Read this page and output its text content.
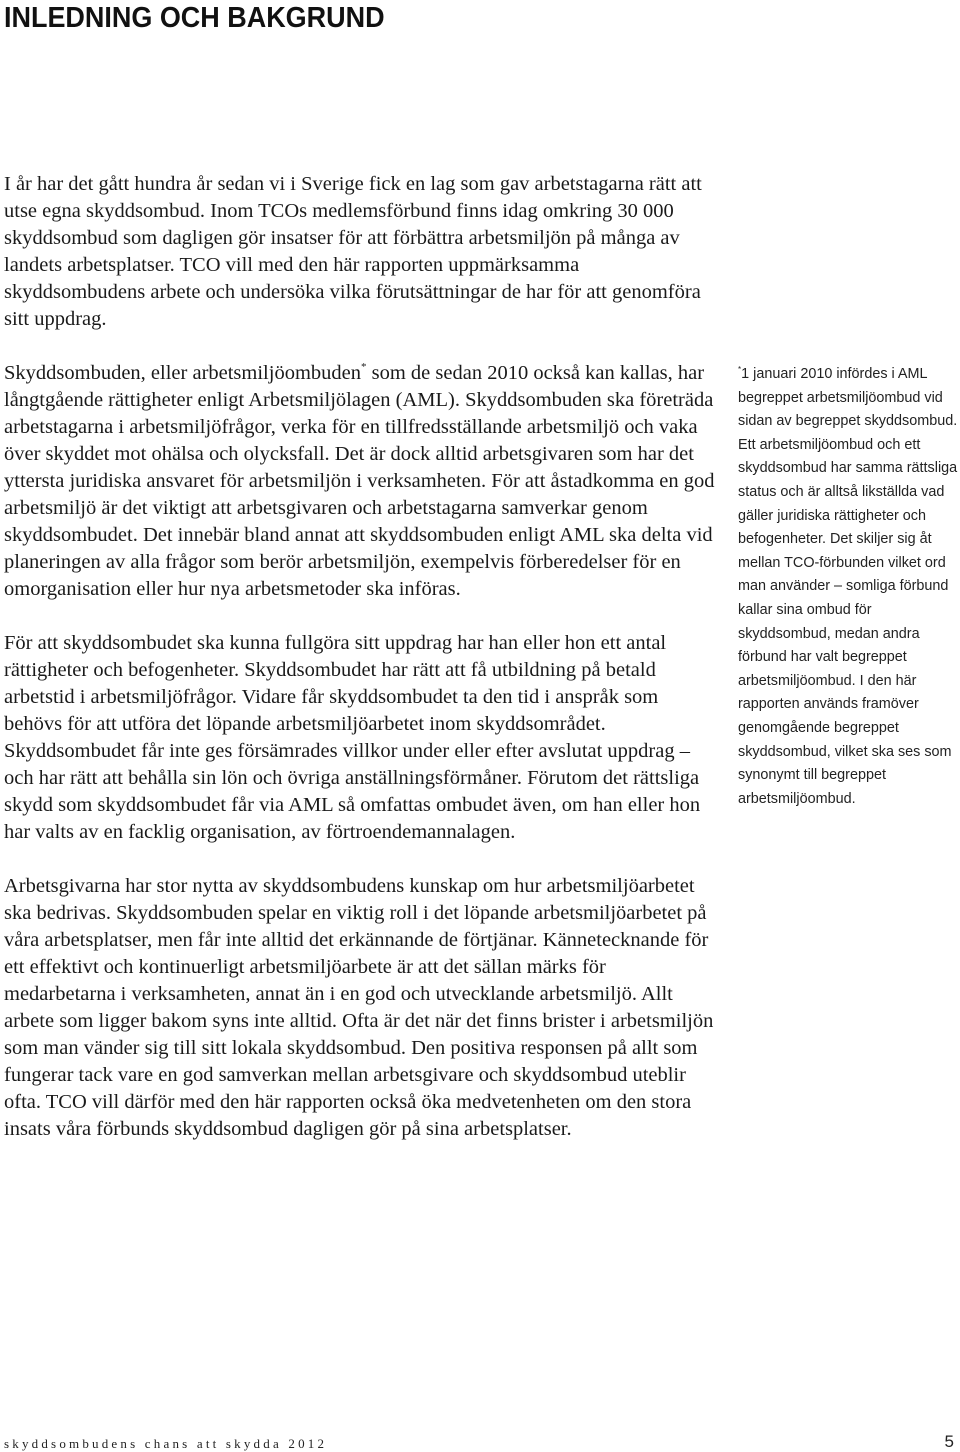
INLEDNING OCH BAKGRUND

I år har det gått hundra år sedan vi i Sverige fick en lag som gav arbetstagarna rätt att utse egna skyddsombud. Inom TCOs medlemsförbund finns idag omkring 30 000 skyddsombud som dagligen gör insatser för att förbättra arbetsmiljön på många av landets arbetsplatser. TCO vill med den här rapporten uppmärksamma skyddsombudens arbete och undersöka vilka förutsättningar de har för att genomföra sitt uppdrag.

Skyddsombuden, eller arbetsmiljöombuden* som de sedan 2010 också kan kallas, har långtgående rättigheter enligt Arbetsmiljölagen (AML). Skyddsombuden ska företräda arbetstagarna i arbetsmiljöfrågor, verka för en tillfredsställande arbetsmiljö och vaka över skyddet mot ohälsa och olycksfall. Det är dock alltid arbetsgivaren som har det yttersta juridiska ansvaret för arbetsmiljön i verksamheten. För att åstadkomma en god arbetsmiljö är det viktigt att arbetsgivaren och arbetstagarna samverkar genom skyddsombudet. Det innebär bland annat att skyddsombuden enligt AML ska delta vid planeringen av alla frågor som berör arbetsmiljön, exempelvis förberedelser för en omorganisation eller hur nya arbetsmetoder ska införas.

För att skyddsombudet ska kunna fullgöra sitt uppdrag har han eller hon ett antal rättigheter och befogenheter. Skyddsombudet har rätt att få utbildning på betald arbetstid i arbetsmiljöfrågor. Vidare får skyddsombudet ta den tid i anspråk som behövs för att utföra det löpande arbetsmiljöarbetet inom skyddsområdet. Skyddsombudet får inte ges försämrades villkor under eller efter avslutat uppdrag – och har rätt att behålla sin lön och övriga anställningsförmåner. Förutom det rättsliga skydd som skyddsombudet får via AML så omfattas ombudet även, om han eller hon har valts av en facklig organisation, av förtroendemannalagen.

Arbetsgivarna har stor nytta av skyddsombudens kunskap om hur arbetsmiljöarbetet ska bedrivas. Skyddsombuden spelar en viktig roll i det löpande arbetsmiljöarbetet på våra arbetsplatser, men får inte alltid det erkännande de förtjänar. Kännetecknande för ett effektivt och kontinuerligt arbetsmiljöarbete är att det sällan märks för medarbetarna i verksamheten, annat än i en god och utvecklande arbetsmiljö. Allt arbete som ligger bakom syns inte alltid. Ofta är det när det finns brister i arbetsmiljön som man vänder sig till sitt lokala skyddsombud. Den positiva responsen på allt som fungerar tack vare en god samverkan mellan arbetsgivare och skyddsombud uteblir ofta. TCO vill därför med den här rapporten också öka medvetenheten om den stora insats våra förbunds skyddsombud dagligen gör på sina arbetsplatser.

*1 januari 2010 infördes i AML begreppet arbetsmiljöombud vid sidan av begreppet skyddsombud. Ett arbetsmiljöombud och ett skyddsombud har samma rättsliga status och är alltså likställda vad gäller juridiska rättigheter och befogenheter. Det skiljer sig åt mellan TCO-förbunden vilket ord man använder – somliga förbund kallar sina ombud för skyddsombud, medan andra förbund har valt begreppet arbetsmiljöombud. I den här rapporten används framöver genomgående begreppet skyddsombud, vilket ska ses som synonymt till begreppet arbetsmiljöombud.
skyddsombudens chans att skydda 2012	5
